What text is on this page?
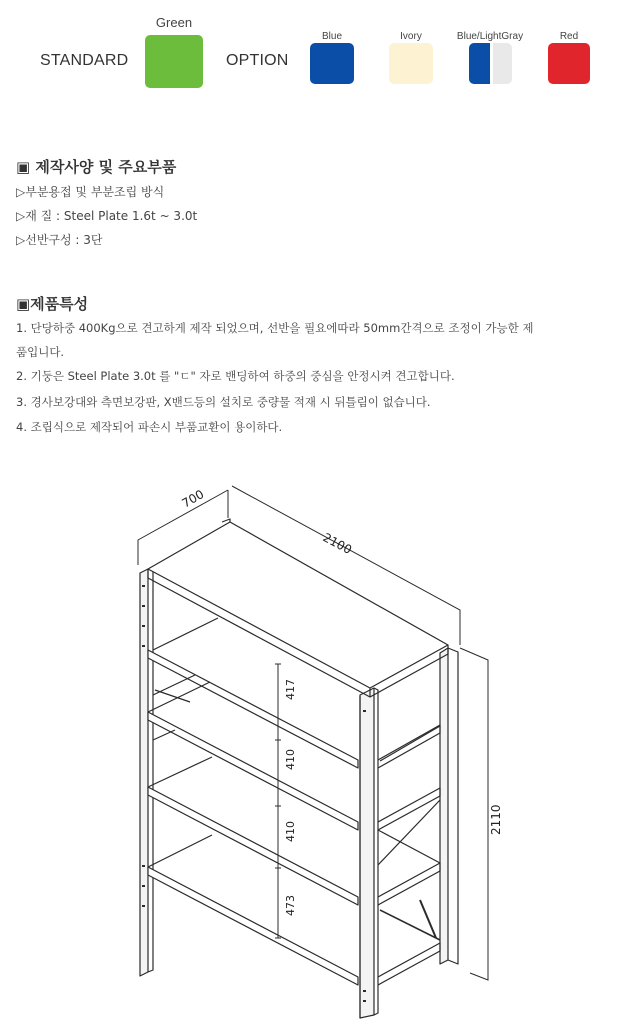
STANDARD
Green
OPTION
Blue	Ivory	Blue/LightGray	Red
▣ 제작사양 및 주요부품
▷부분용접 및 부분조립 방식
▷재 질 : Steel Plate 1.6t ~ 3.0t
▷선반구성 : 3단
▣제품특성
1. 단당하중 400Kg으로 견고하게 제작 되었으며, 선반을 필요에따라 50mm간격으로 조정이 가능한 제
품입니다.
2. 기둥은 Steel Plate 3.0t 를 "ㄷ" 자로 밴딩하여 하중의 중심을 안정시켜 견고합니다.
3. 경사보강대와 측면보강판, X밴드등의 설치로 중량물 적재 시 뒤틀림이 없습니다.
4. 조립식으로 제작되어 파손시 부품교환이 용이하다.
700
2100
2110
417
410
410
473
